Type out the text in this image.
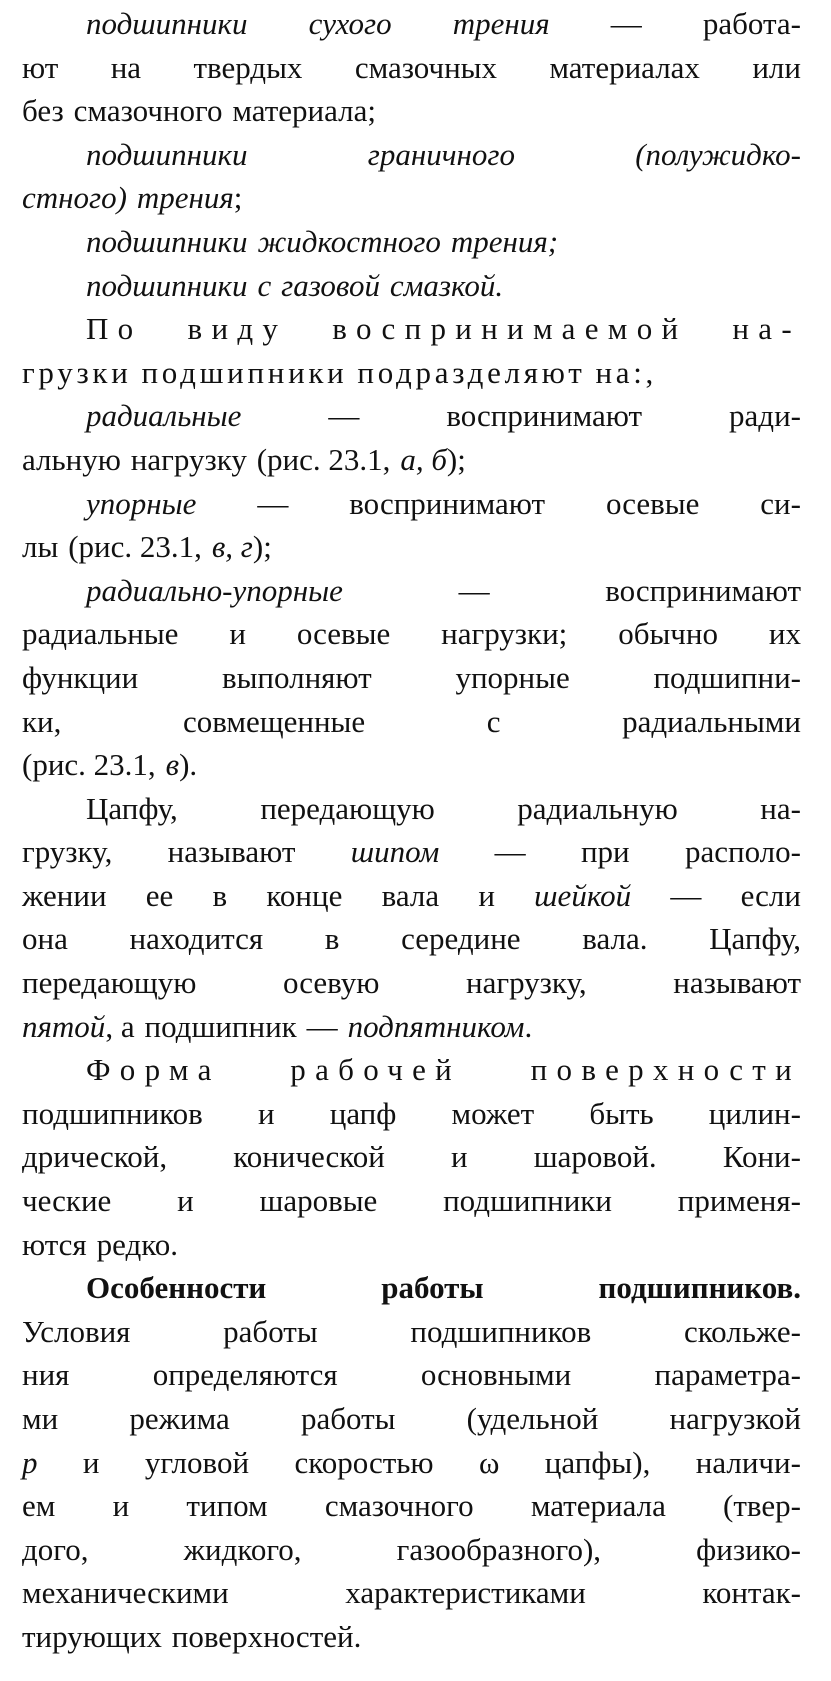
подшипники сухого трения — работа-
ют на твердых смазочных материалах или
без смазочного материала;
подшипники	граничного	(полужидко-
стного) трения ;
подшипники жидкостного трения;
подшипники с газовой смазкой.
По виду воспринимаемой на-
грузки подшипники подразделяют на:,
радиальные	—	воспринимают	ради-
альную нагрузку (рис. 23.1, а, б );
упорные — воспринимают осевые си-
лы (рис. 23.1, в, г );
радиально-упорные	—	воспринимают
радиальные и осевые нагрузки; обычно их
функции	выполняют	упорные	подшипни-
ки,	совмещенные	с	радиальными
(рис. 23.1, в ).
Цапфу,	передающую	радиальную	на-
грузку, называют шипом — при располо-
жении ее в конце вала и шейкой — если
она находится в середине вала. Цапфу,
передающую	осевую	нагрузку,	называют
пятой , а подшипник — подпятником .
Форма рабочей поверхности
подшипников и цапф может быть цилин-
дрической, конической и шаровой. Кони-
ческие и шаровые подшипники применя-
ются редко.
Особенности	работы	подшипников.
Условия	работы	подшипников	скольже-
ния	определяются	основными	параметра-
ми режима работы (удельной нагрузкой
p и угловой скоростью ω цапфы), наличи-
ем и типом смазочного материала (твер-
дого,	жидкого,	газообразного),	физико-
механическими	характеристиками	контак-
тирующих поверхностей.
